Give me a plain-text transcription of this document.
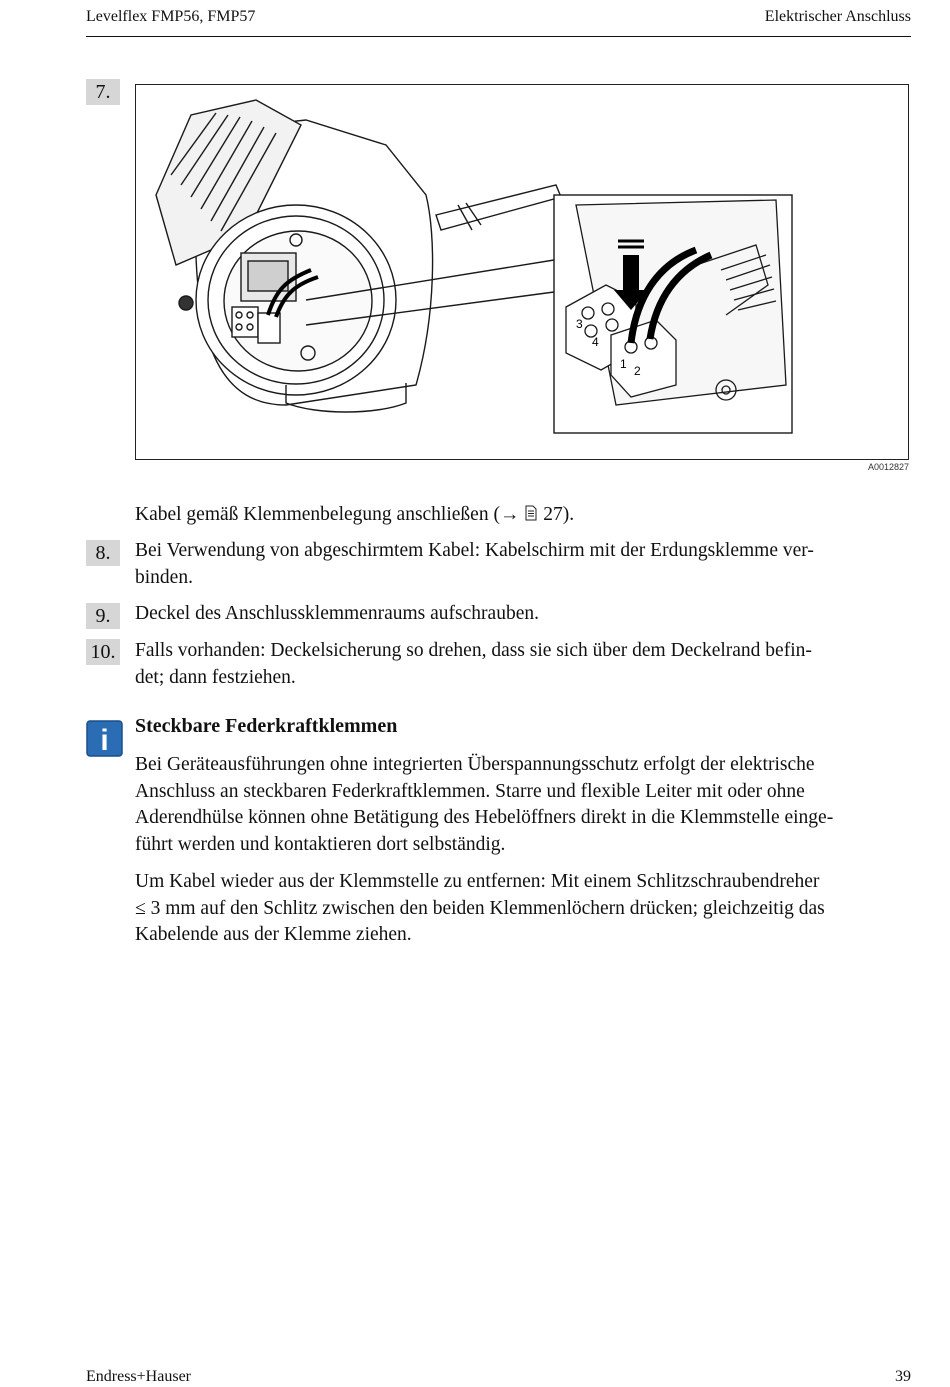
Levelflex FMP56, FMP57	Elektrischer Anschluss
7.
3
4
1 2
A0012827

Kabel gemäß Klemmenbelegung anschließen (→  27).

8.	Bei Verwendung von abgeschirmtem Kabel: Kabelschirm mit der Erdungsklemme ver-
binden.

9.	Deckel des Anschlussklemmenraums aufschrauben.

10. Falls vorhanden: Deckelsicherung so drehen, dass sie sich über dem Deckelrand befin-
det; dann festziehen.

i Steckbare Federkraftklemmen

Bei Geräteausführungen ohne integrierten Überspannungsschutz erfolgt der elektrische
Anschluss an steckbaren Federkraftklemmen. Starre und flexible Leiter mit oder ohne
Aderendhülse können ohne Betätigung des Hebelöffners direkt in die Klemmstelle einge-
führt werden und kontaktieren dort selbständig.

Um Kabel wieder aus der Klemmstelle zu entfernen: Mit einem Schlitzschraubendreher
≤ 3 mm auf den Schlitz zwischen den beiden Klemmenlöchern drücken; gleichzeitig das
Kabelende aus der Klemme ziehen.

Endress+Hauser	39
